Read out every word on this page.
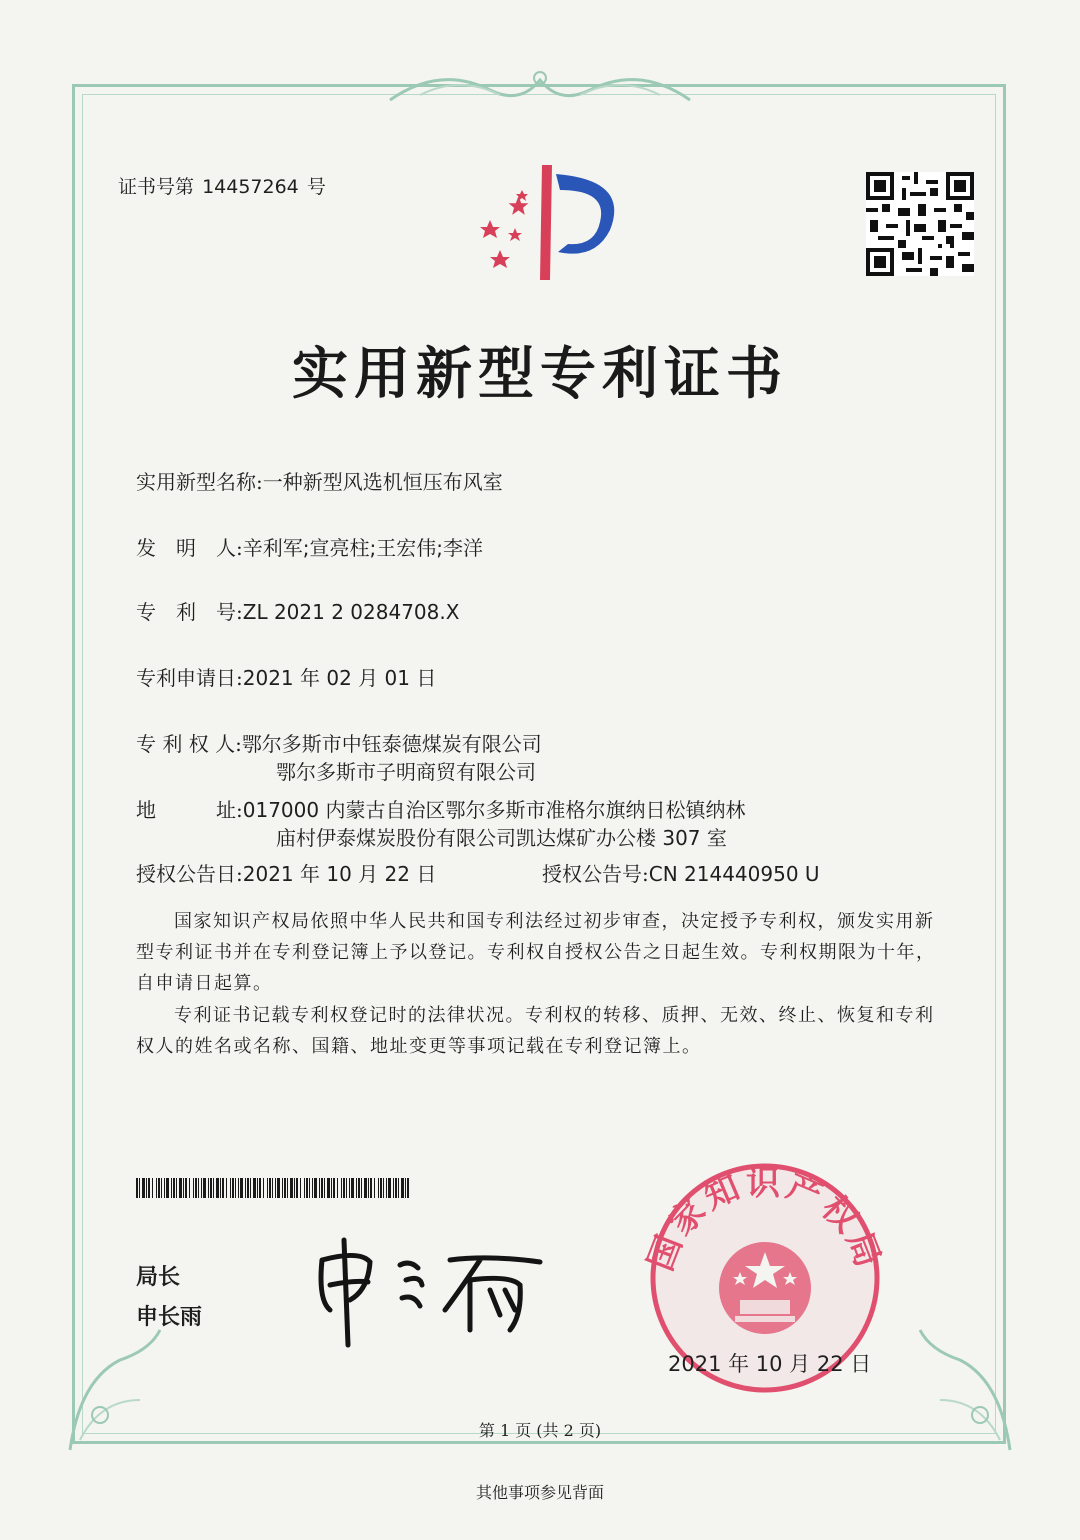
证书号第 14457264 号
实用新型专利证书
实用新型名称:一种新型风选机恒压布风室
发　明　人:辛利军;宣亮柱;王宏伟;李洋
专　利　号:ZL 2021 2 0284708.X
专利申请日:2021 年 02 月 01 日
专 利 权 人:鄂尔多斯市中钰泰德煤炭有限公司
鄂尔多斯市子明商贸有限公司
地　　　址:017000 内蒙古自治区鄂尔多斯市准格尔旗纳日松镇纳林
庙村伊泰煤炭股份有限公司凯达煤矿办公楼 307 室
授权公告日:2021 年 10 月 22 日	授权公告号:CN 214440950 U
国家知识产权局依照中华人民共和国专利法经过初步审查，决定授予专利权，颁发实用新型专利证书并在专利登记簿上予以登记。专利权自授权公告之日起生效。专利权期限为十年，自申请日起算。
专利证书记载专利权登记时的法律状况。专利权的转移、质押、无效、终止、恢复和专利权人的姓名或名称、国籍、地址变更等事项记载在专利登记簿上。
局长
申长雨
国家知识产权局
2021 年 10 月 22 日
第 1 页 (共 2 页)
其他事项参见背面
